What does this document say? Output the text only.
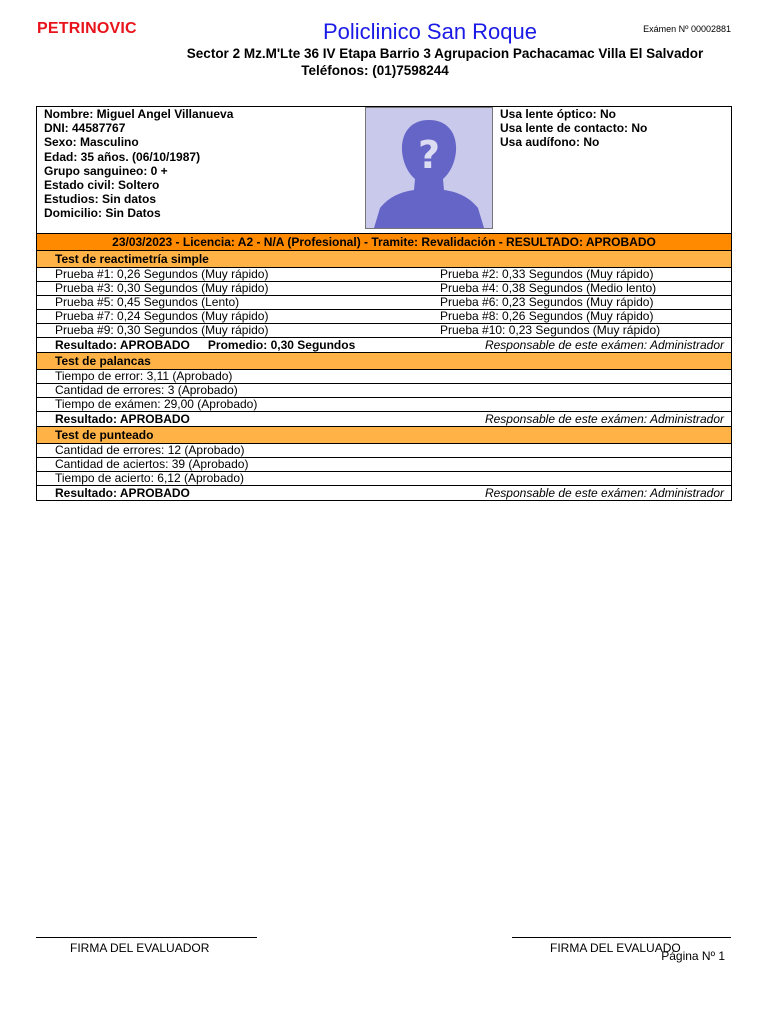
PETRINOVIC	Policlinico San Roque	Exámen Nº 00002881
Sector 2 Mz.M'Lte 36 IV Etapa Barrio 3 Agrupacion Pachacamac Villa El Salvador
Teléfonos: (01)7598244
Nombre: Miguel Angel Villanueva
DNI: 44587767
Sexo: Masculino
Edad: 35 años. (06/10/1987)
Grupo sanguineo: 0 +
Estado civil: Soltero
Estudios: Sin datos
Domicilio: Sin Datos
?
Usa lente óptico: No
Usa lente de contacto: No
Usa audífono: No
23/03/2023 - Licencia: A2 - N/A (Profesional) - Tramite: Revalidación - RESULTADO: APROBADO
Test de reactimetría simple
Prueba #1: 0,26 Segundos (Muy rápido)	Prueba #2: 0,33 Segundos (Muy rápido)
Prueba #3: 0,30 Segundos (Muy rápido)	Prueba #4: 0,38 Segundos (Medio lento)
Prueba #5: 0,45 Segundos (Lento)	Prueba #6: 0,23 Segundos (Muy rápido)
Prueba #7: 0,24 Segundos (Muy rápido)	Prueba #8: 0,26 Segundos (Muy rápido)
Prueba #9: 0,30 Segundos (Muy rápido)	Prueba #10: 0,23 Segundos (Muy rápido)
Resultado: APROBADO Promedio: 0,30 Segundos	Responsable de este exámen: Administrador
Test de palancas
Tiempo de error: 3,11 (Aprobado)
Cantidad de errores: 3 (Aprobado)
Tiempo de exámen: 29,00 (Aprobado)
Resultado: APROBADO	Responsable de este exámen: Administrador
Test de punteado
Cantidad de errores: 12 (Aprobado)
Cantidad de aciertos: 39 (Aprobado)
Tiempo de acierto: 6,12 (Aprobado)
Resultado: APROBADO	Responsable de este exámen: Administrador
FIRMA DEL EVALUADOR	FIRMA DEL EVALUADO
Página Nº 1
